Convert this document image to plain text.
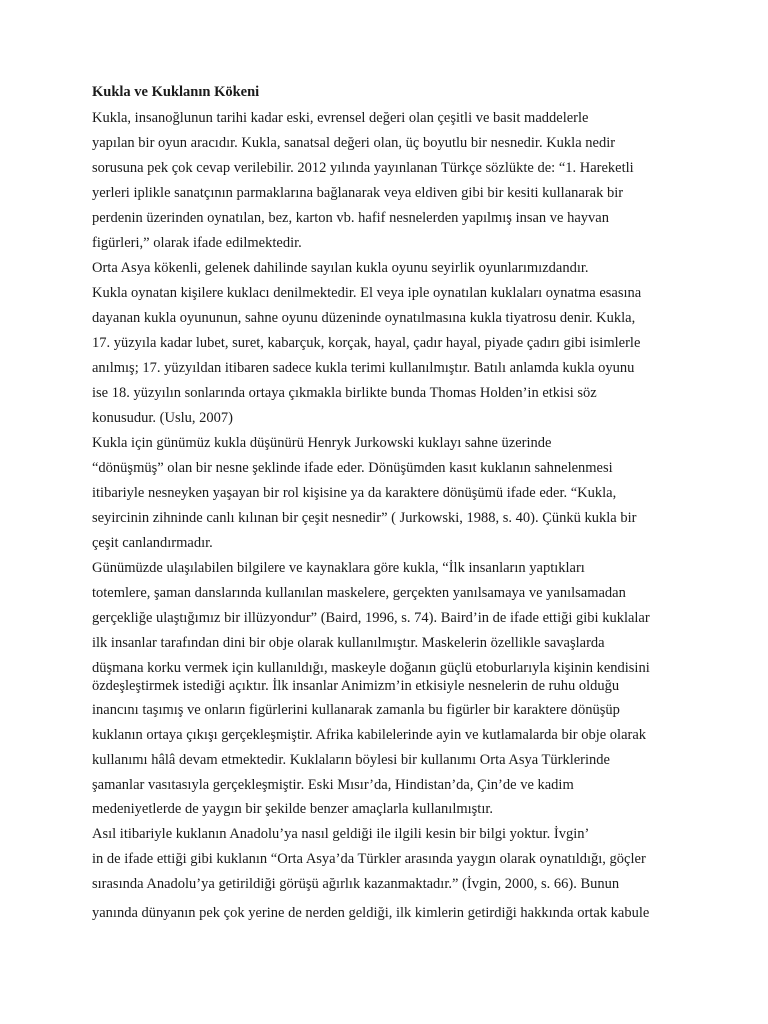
Kukla ve Kuklanın Kökeni

Kukla, insanoğlunun tarihi kadar eski, evrensel değeri olan çeşitli ve basit maddelerle

yapılan bir oyun aracıdır. Kukla, sanatsal değeri olan, üç boyutlu bir nesnedir. Kukla nedir

sorusuna pek çok cevap verilebilir. 2012 yılında yayınlanan Türkçe sözlükte de: “1. Hareketli

yerleri iplikle sanatçının parmaklarına bağlanarak veya eldiven gibi bir kesiti kullanarak bir

perdenin üzerinden oynatılan, bez, karton vb. hafif nesnelerden yapılmış insan ve hayvan

figürleri,” olarak ifade edilmektedir.

Orta Asya kökenli, gelenek dahilinde sayılan kukla oyunu seyirlik oyunlarımızdandır.

Kukla oynatan kişilere kuklacı denilmektedir. El veya iple oynatılan kuklaları oynatma esasına

dayanan kukla oyununun, sahne oyunu düzeninde oynatılmasına kukla tiyatrosu denir. Kukla,

17. yüzyıla kadar lubet, suret, kabarçuk, korçak, hayal, çadır hayal, piyade çadırı gibi isimlerle

anılmış; 17. yüzyıldan itibaren sadece kukla terimi kullanılmıştır. Batılı anlamda kukla oyunu

ise 18. yüzyılın sonlarında ortaya çıkmakla birlikte bunda Thomas Holden’in etkisi söz

konusudur. (Uslu, 2007)

Kukla için günümüz kukla düşünürü Henryk Jurkowski kuklayı sahne üzerinde

“dönüşmüş” olan bir nesne şeklinde ifade eder. Dönüşümden kasıt kuklanın sahnelenmesi

itibariyle nesneyken yaşayan bir rol kişisine ya da karaktere dönüşümü ifade eder. “Kukla,

seyircinin zihninde canlı kılınan bir çeşit nesnedir” ( Jurkowski, 1988, s. 40). Çünkü kukla bir

çeşit canlandırmadır.

Günümüzde ulaşılabilen bilgilere ve kaynaklara göre kukla, “İlk insanların yaptıkları

totemlere, şaman danslarında kullanılan maskelere, gerçekten yanılsamaya ve yanılsamadan

gerçekliğe ulaştığımız bir illüzyondur” (Baird, 1996, s. 74). Baird’in de ifade ettiği gibi kuklalar

ilk insanlar tarafından dini bir obje olarak kullanılmıştır. Maskelerin özellikle savaşlarda

düşmana korku vermek için kullanıldığı, maskeyle doğanın güçlü etoburlarıyla kişinin kendisini

özdeşleştirmek istediği açıktır. İlk insanlar Animizm’in etkisiyle nesnelerin de ruhu olduğu

inancını taşımış ve onların figürlerini kullanarak zamanla bu figürler bir karaktere dönüşüp

kuklanın ortaya çıkışı gerçekleşmiştir. Afrika kabilelerinde ayin ve kutlamalarda bir obje olarak

kullanımı hâlâ devam etmektedir. Kuklaların böylesi bir kullanımı Orta Asya Türklerinde

şamanlar vasıtasıyla gerçekleşmiştir. Eski Mısır’da, Hindistan’da, Çin’de ve kadim

medeniyetlerde de yaygın bir şekilde benzer amaçlarla kullanılmıştır.

Asıl itibariyle kuklanın Anadolu’ya nasıl geldiği ile ilgili kesin bir bilgi yoktur. İvgin’

in de ifade ettiği gibi kuklanın “Orta Asya’da Türkler arasında yaygın olarak oynatıldığı, göçler

sırasında Anadolu’ya getirildiği görüşü ağırlık kazanmaktadır.” (İvgin, 2000, s. 66). Bunun

yanında dünyanın pek çok yerine de nerden geldiği, ilk kimlerin getirdiği hakkında ortak kabule
